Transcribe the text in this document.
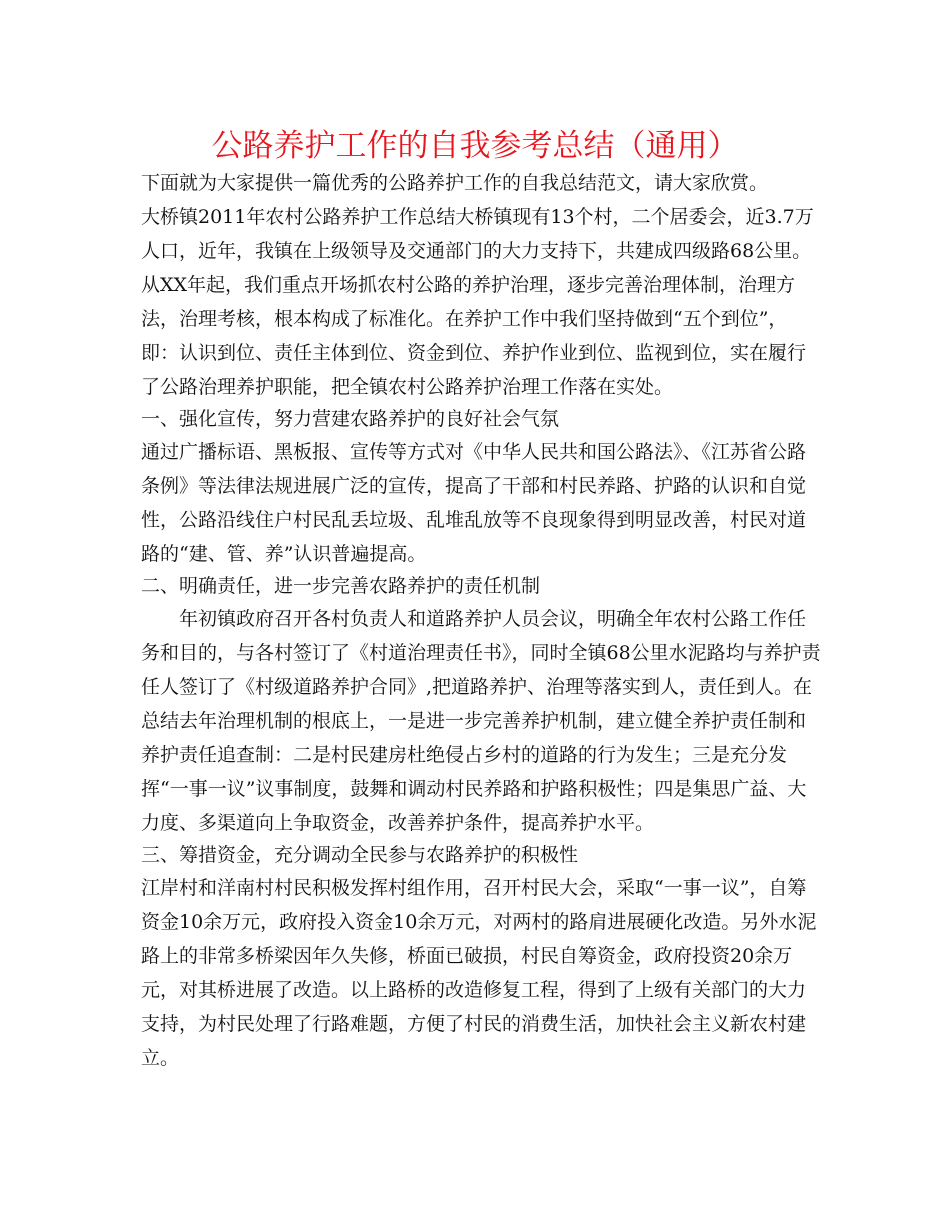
公路养护工作的自我参考总结（通用）

下面就为大家提供一篇优秀的公路养护工作的自我总结范文，请大家欣赏。

大桥镇2011年农村公路养护工作总结大桥镇现有13个村，二个居委会，近3.7万人口，近年，我镇在上级领导及交通部门的大力支持下，共建成四级路68公里。从XX年起，我们重点开场抓农村公路的养护治理，逐步完善治理体制，治理方法，治理考核，根本构成了标准化。在养护工作中我们坚持做到“五个到位”，即：认识到位、责任主体到位、资金到位、养护作业到位、监视到位，实在履行了公路治理养护职能，把全镇农村公路养护治理工作落在实处。

一、强化宣传，努力营建农路养护的良好社会气氛

通过广播标语、黑板报、宣传等方式对《中华人民共和国公路法》、《江苏省公路条例》等法律法规进展广泛的宣传，提高了干部和村民养路、护路的认识和自觉性，公路沿线住户村民乱丢垃圾、乱堆乱放等不良现象得到明显改善，村民对道路的“建、管、养”认识普遍提高。

二、明确责任，进一步完善农路养护的责任机制

年初镇政府召开各村负责人和道路养护人员会议，明确全年农村公路工作任务和目的，与各村签订了《村道治理责任书》，同时全镇68公里水泥路均与养护责任人签订了《村级道路养护合同》,把道路养护、治理等落实到人，责任到人。在总结去年治理机制的根底上，一是进一步完善养护机制，建立健全养护责任制和养护责任追查制：二是村民建房杜绝侵占乡村的道路的行为发生；三是充分发挥“一事一议”议事制度，鼓舞和调动村民养路和护路积极性；四是集思广益、大力度、多渠道向上争取资金，改善养护条件，提高养护水平。

三、筹措资金，充分调动全民参与农路养护的积极性

江岸村和洋南村村民积极发挥村组作用，召开村民大会，采取“一事一议”，自筹资金10余万元，政府投入资金10余万元，对两村的路肩进展硬化改造。另外水泥路上的非常多桥梁因年久失修，桥面已破损，村民自筹资金，政府投资20余万元，对其桥进展了改造。以上路桥的改造修复工程，得到了上级有关部门的大力支持，为村民处理了行路难题，方便了村民的消费生活，加快社会主义新农村建立。
